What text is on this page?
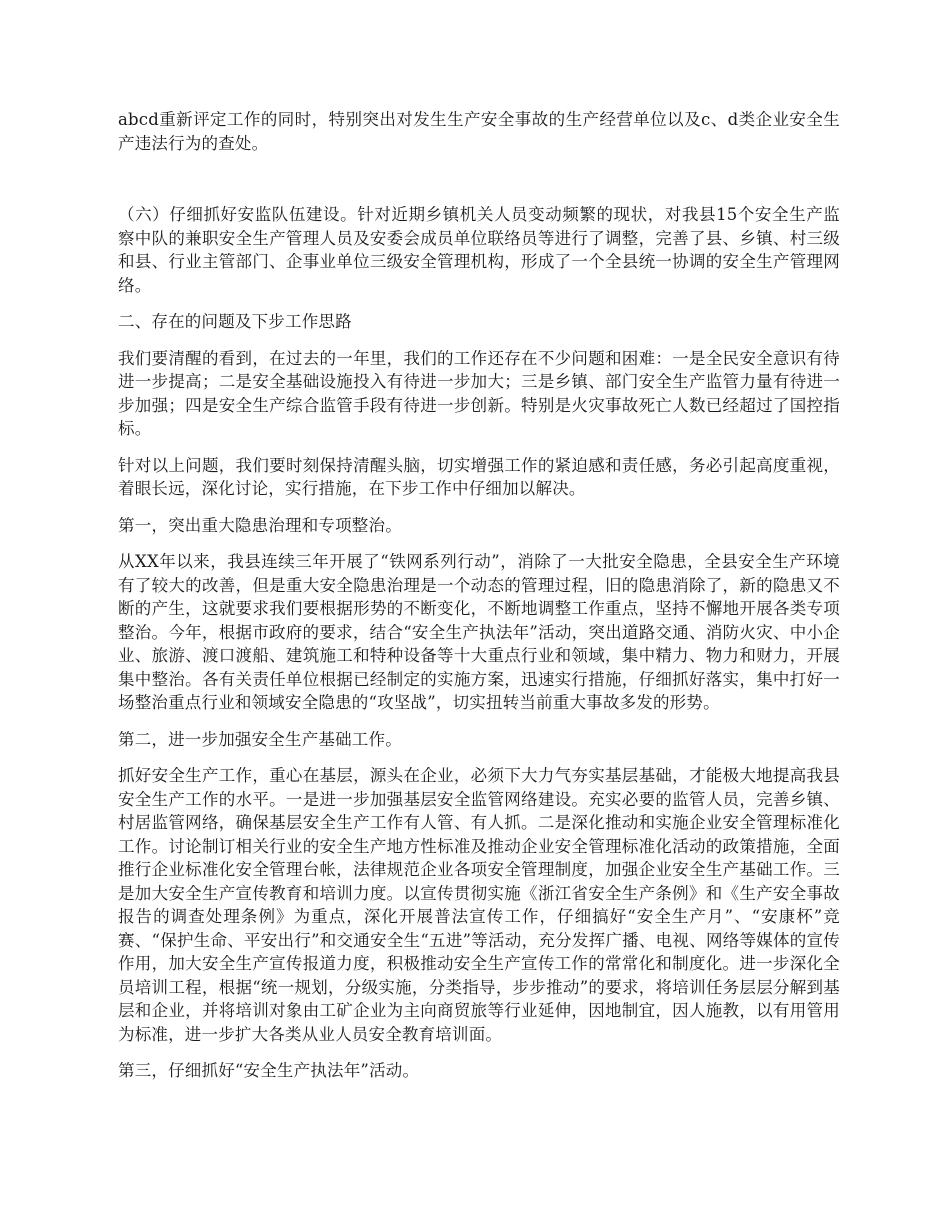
abcd重新评定工作的同时，特别突出对发生生产安全事故的生产经营单位以及c、d类企业安全生产违法行为的查处。

（六）仔细抓好安监队伍建设。针对近期乡镇机关人员变动频繁的现状，对我县15个安全生产监察中队的兼职安全生产管理人员及安委会成员单位联络员等进行了调整，完善了县、乡镇、村三级和县、行业主管部门、企事业单位三级安全管理机构，形成了一个全县统一协调的安全生产管理网络。

二、存在的问题及下步工作思路

我们要清醒的看到，在过去的一年里，我们的工作还存在不少问题和困难：一是全民安全意识有待进一步提高；二是安全基础设施投入有待进一步加大；三是乡镇、部门安全生产监管力量有待进一步加强；四是安全生产综合监管手段有待进一步创新。特别是火灾事故死亡人数已经超过了国控指标。

针对以上问题，我们要时刻保持清醒头脑，切实增强工作的紧迫感和责任感，务必引起高度重视，着眼长远，深化讨论，实行措施，在下步工作中仔细加以解决。

第一，突出重大隐患治理和专项整治。

从XX年以来，我县连续三年开展了“铁网系列行动”，消除了一大批安全隐患，全县安全生产环境有了较大的改善，但是重大安全隐患治理是一个动态的管理过程，旧的隐患消除了，新的隐患又不断的产生，这就要求我们要根据形势的不断变化，不断地调整工作重点，坚持不懈地开展各类专项整治。今年，根据市政府的要求，结合“安全生产执法年”活动，突出道路交通、消防火灾、中小企业、旅游、渡口渡船、建筑施工和特种设备等十大重点行业和领域，集中精力、物力和财力，开展集中整治。各有关责任单位根据已经制定的实施方案，迅速实行措施，仔细抓好落实，集中打好一场整治重点行业和领域安全隐患的“攻坚战”，切实扭转当前重大事故多发的形势。

第二，进一步加强安全生产基础工作。

抓好安全生产工作，重心在基层，源头在企业，必须下大力气夯实基层基础，才能极大地提高我县安全生产工作的水平。一是进一步加强基层安全监管网络建设。充实必要的监管人员，完善乡镇、村居监管网络，确保基层安全生产工作有人管、有人抓。二是深化推动和实施企业安全管理标准化工作。讨论制订相关行业的安全生产地方性标准及推动企业安全管理标准化活动的政策措施，全面推行企业标准化安全管理台帐，法律规范企业各项安全管理制度，加强企业安全生产基础工作。三是加大安全生产宣传教育和培训力度。以宣传贯彻实施《浙江省安全生产条例》和《生产安全事故报告的调查处理条例》为重点，深化开展普法宣传工作，仔细搞好“安全生产月”、“安康杯”竞赛、“保护生命、平安出行”和交通安全生“五进”等活动，充分发挥广播、电视、网络等媒体的宣传作用，加大安全生产宣传报道力度，积极推动安全生产宣传工作的常常化和制度化。进一步深化全员培训工程，根据“统一规划，分级实施，分类指导，步步推动”的要求，将培训任务层层分解到基层和企业，并将培训对象由工矿企业为主向商贸旅等行业延伸，因地制宜，因人施教，以有用管用为标准，进一步扩大各类从业人员安全教育培训面。

第三，仔细抓好“安全生产执法年”活动。
